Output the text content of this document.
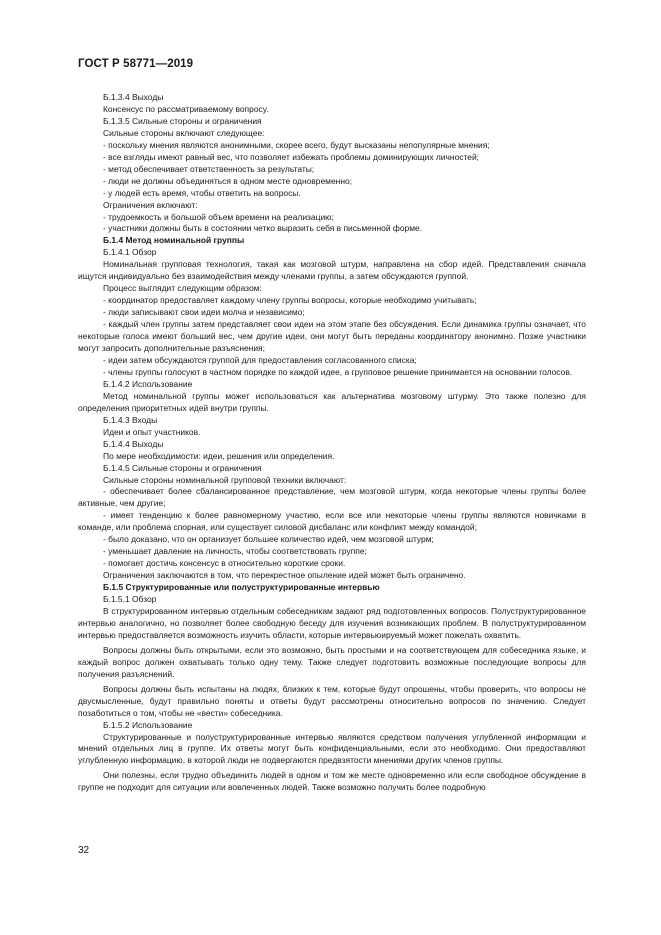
ГОСТ Р 58771—2019

Б.1.3.4 Выходы

Консенсус по рассматриваемому вопросу.

Б.1.3.5 Сильные стороны и ограничения

Сильные стороны включают следующее:

- поскольку мнения являются анонимными, скорее всего, будут высказаны непопулярные мнения;

- все взгляды имеют равный вес, что позволяет избежать проблемы доминирующих личностей;

- метод обеспечивает ответственность за результаты;

- люди не должны объединяться в одном месте одновременно;

- у людей есть время, чтобы ответить на вопросы.

Ограничения включают:

- трудоемкость и большой объем времени на реализацию;

- участники должны быть в состоянии четко выразить себя в письменной форме.

Б.1.4 Метод номинальной группы

Б.1.4.1 Обзор

Номинальная групповая технология, такая как мозговой штурм, направлена на сбор идей. Представления сначала ищутся индивидуально без взаимодействия между членами группы, а затем обсуждаются группой.

Процесс выглядит следующим образом:

- координатор предоставляет каждому члену группы вопросы, которые необходимо учитывать;

- люди записывают свои идеи молча и независимо;

- каждый член группы затем представляет свои идеи на этом этапе без обсуждения. Если динамика группы означает, что некоторые голоса имеют больший вес, чем другие идеи, они могут быть переданы координатору анонимно. Позже участники могут запросить дополнительные разъяснения;

- идеи затем обсуждаются группой для предоставления согласованного списка;

- члены группы голосуют в частном порядке по каждой идее, а групповое решение принимается на основании голосов.

Б.1.4.2 Использование

Метод номинальной группы может использоваться как альтернатива мозговому штурму. Это также полезно для определения приоритетных идей внутри группы.

Б.1.4.3 Входы

Идеи и опыт участников.

Б.1.4.4 Выходы

По мере необходимости: идеи, решения или определения.

Б.1.4.5 Сильные стороны и ограничения

Сильные стороны номинальной групповой техники включают:

- обеспечивает более сбалансированное представление, чем мозговой штурм, когда некоторые члены группы более активные, чем другие;

- имеет тенденцию к более равномерному участию, если все или некоторые члены группы являются новичками в команде, или проблема спорная, или существует силовой дисбаланс или конфликт между командой;

- было доказано, что он организует большее количество идей, чем мозговой штурм;

- уменьшает давление на личность, чтобы соответствовать группе;

- помогает достичь консенсус в относительно короткие сроки.

Ограничения заключаются в том, что перекрестное опыление идей может быть ограничено.

Б.1.5 Структурированные или полуструктурированные интервью

Б.1.5.1 Обзор

В структурированном интервью отдельным собеседникам задают ряд подготовленных вопросов. Полуструктурированное интервью аналогично, но позволяет более свободную беседу для изучения возникающих проблем. В полуструктурированном интервью предоставляется возможность изучить области, которые интервьюируемый может пожелать охватить.

Вопросы должны быть открытыми, если это возможно, быть простыми и на соответствующем для собеседника языке, и каждый вопрос должен охватывать только одну тему. Также следует подготовить возможные последующие вопросы для получения разъяснений.

Вопросы должны быть испытаны на людях, близких к тем, которые будут опрошены, чтобы проверить, что вопросы не двусмысленные, будут правильно поняты и ответы будут рассмотрены относительно вопросов по значению. Следует позаботиться о том, чтобы не «вести» собеседника.

Б.1.5.2 Использование

Структурированные и полуструктурированные интервью являются средством получения углубленной информации и мнений отдельных лиц в группе. Их ответы могут быть конфиденциальными, если это необходимо. Они предоставляют углубленную информацию, в которой люди не подвергаются предвзятости мнениями других членов группы.

Они полезны, если трудно объединить людей в одном и том же месте одновременно или если свободное обсуждение в группе не подходит для ситуации или вовлеченных людей. Также возможно получить более подробную

32
